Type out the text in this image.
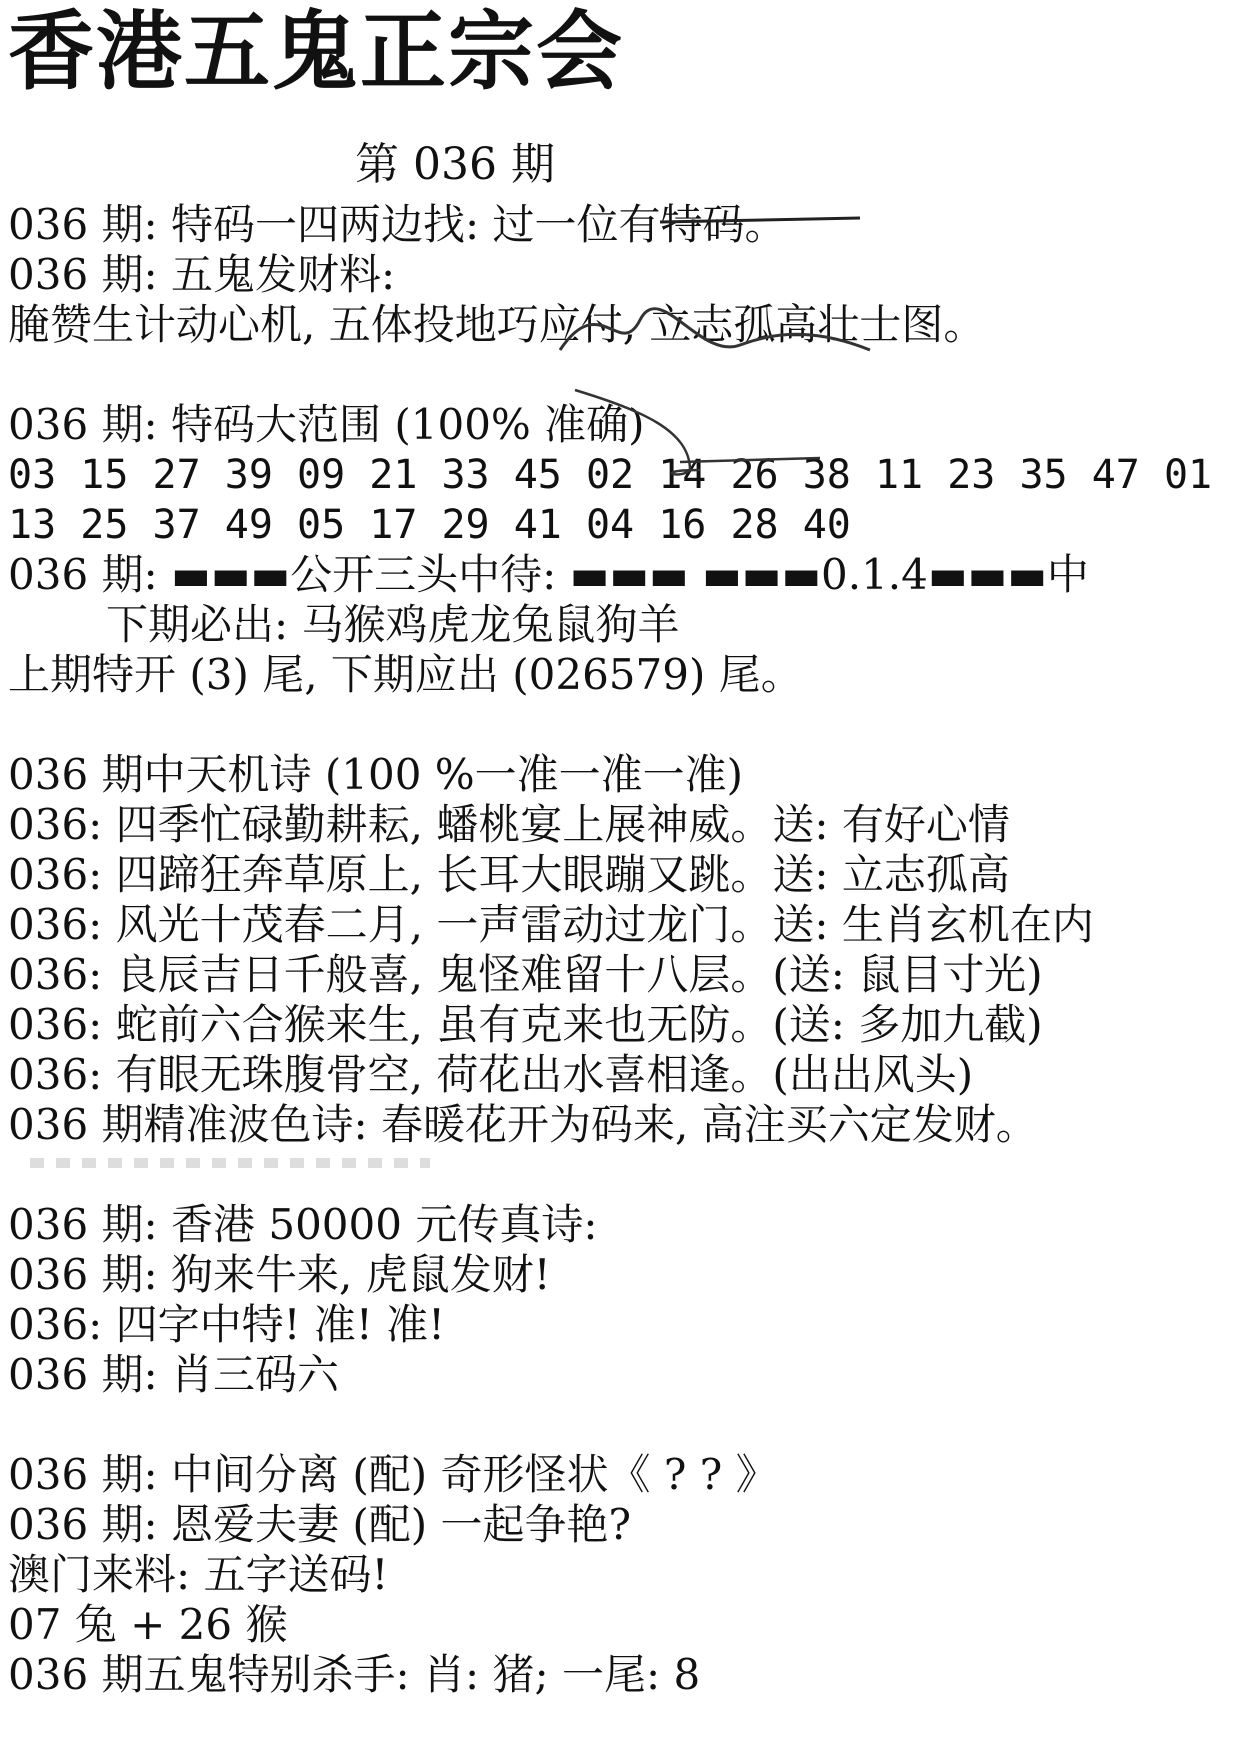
香港五鬼正宗会
第 036 期
036 期: 特码一四两边找: 过一位有特码。
036 期: 五鬼发财料:
腌赞生计动心机, 五体投地巧应付, 立志孤高壮士图。
036 期: 特码大范围 (100% 准确)
03 15 27 39 09 21 33 45 02 14 26 38 11 23 35 47 01
13 25 37 49 05 17 29 41 04 16 28 40
036 期: ▬▬▬公开三头中待: ▬▬▬ ▬▬▬0.1.4▬▬▬中
下期必出: 马猴鸡虎龙兔鼠狗羊
上期特开 (3) 尾, 下期应出 (026579) 尾。
036 期中天机诗 (100 %一准一准一准)
036: 四季忙碌勤耕耘, 蟠桃宴上展神威。送: 有好心情
036: 四蹄狂奔草原上, 长耳大眼蹦又跳。送: 立志孤高
036: 风光十茂春二月, 一声雷动过龙门。送: 生肖玄机在内
036: 良辰吉日千般喜, 鬼怪难留十八层。(送: 鼠目寸光)
036: 蛇前六合猴来生, 虽有克来也无防。(送: 多加九截)
036: 有眼无珠腹骨空, 荷花出水喜相逢。(出出风头)
036 期精准波色诗: 春暖花开为码来, 高注买六定发财。
036 期: 香港 50000 元传真诗:
036 期: 狗来牛来, 虎鼠发财!
036: 四字中特! 准! 准!
036 期: 肖三码六
036 期: 中间分离 (配) 奇形怪状《 ? ? 》
036 期: 恩爱夫妻 (配) 一起争艳?
澳门来料: 五字送码!
07 兔 + 26 猴
036 期五鬼特别杀手: 肖: 猪; 一尾: 8
